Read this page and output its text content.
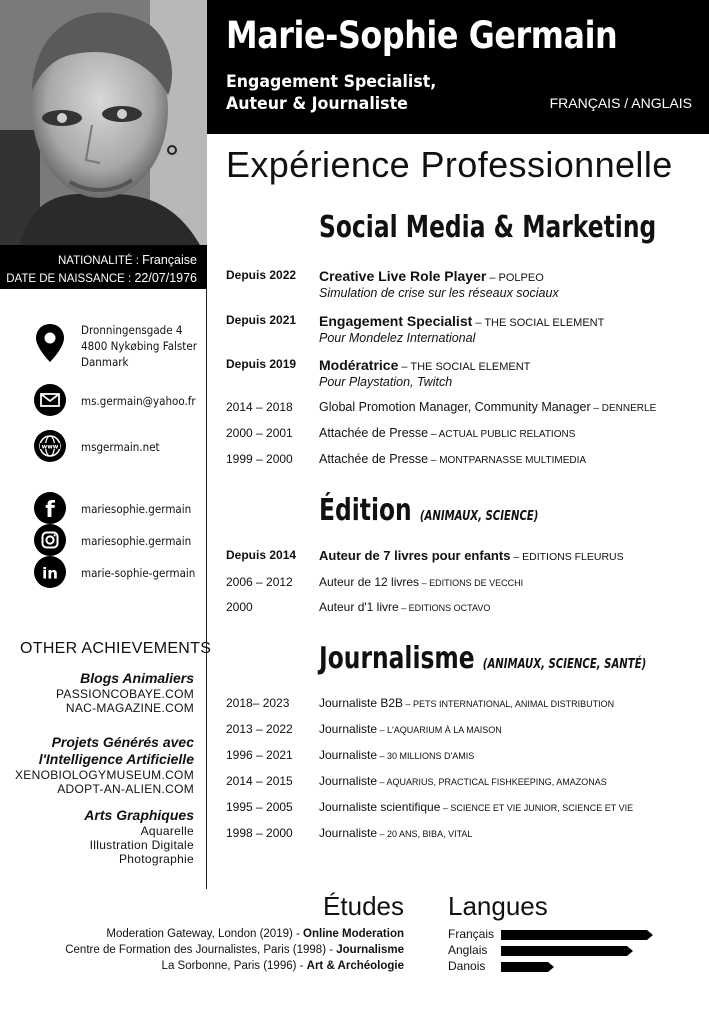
Marie-Sophie Germain
Engagement Specialist,
Auteur & Journaliste	FRANÇAIS / ANGLAIS
NATIONALITÉ : Française
DATE DE NAISSANCE : 22/07/1976
Dronningensgade 4
4800 Nykøbing Falster
Danmark
ms.germain@yahoo.fr
www msgermain.net
f mariesophie.germain
mariesophie.germain
in marie-sophie-germain
OTHER ACHIEVEMENTS
Blogs Animaliers
PASSIONCOBAYE.COM
NAC-MAGAZINE.COM
Projets Générés avec
l'Intelligence Artificielle
XENOBIOLOGYMUSEUM.COM
ADOPT-AN-ALIEN.COM
Arts Graphiques
Aquarelle
Illustration Digitale
Photographie
Expérience Professionnelle
Social Media & Marketing
Depuis 2022 Creative Live Role Player – POLPEO
Simulation de crise sur les réseaux sociaux
Depuis 2021 Engagement Specialist – THE SOCIAL ELEMENT
Pour Mondelez International
Depuis 2019 Modératrice – THE SOCIAL ELEMENT
Pour Playstation, Twitch
2014 – 2018 Global Promotion Manager, Community Manager – DENNERLE
2000 – 2001 Attachée de Presse – ACTUAL PUBLIC RELATIONS
1999 – 2000 Attachée de Presse – MONTPARNASSE MULTIMEDIA
Édition (ANIMAUX, SCIENCE)
Depuis 2014 Auteur de 7 livres pour enfants – EDITIONS FLEURUS
2006 – 2012 Auteur de 12 livres – EDITIONS DE VECCHI
2000	Auteur d'1 livre – EDITIONS OCTAVO
Journalisme (ANIMAUX, SCIENCE, SANTÉ)
2018– 2023 Journaliste B2B – PETS INTERNATIONAL, ANIMAL DISTRIBUTION
2013 – 2022 Journaliste – L'AQUARIUM À LA MAISON
1996 – 2021 Journaliste – 30 MILLIONS D'AMIS
2014 – 2015 Journaliste – AQUARIUS, PRACTICAL FISHKEEPING, AMAZONAS
1995 – 2005 Journaliste scientifique – SCIENCE ET VIE JUNIOR, SCIENCE ET VIE
1998 – 2000 Journaliste – 20 ANS, BIBA, VITAL
Études
Moderation Gateway, London (2019) - Online Moderation
Centre de Formation des Journalistes, Paris (1998) - Journalisme
La Sorbonne, Paris (1996) - Art & Archéologie
Langues
Français
Anglais
Danois
